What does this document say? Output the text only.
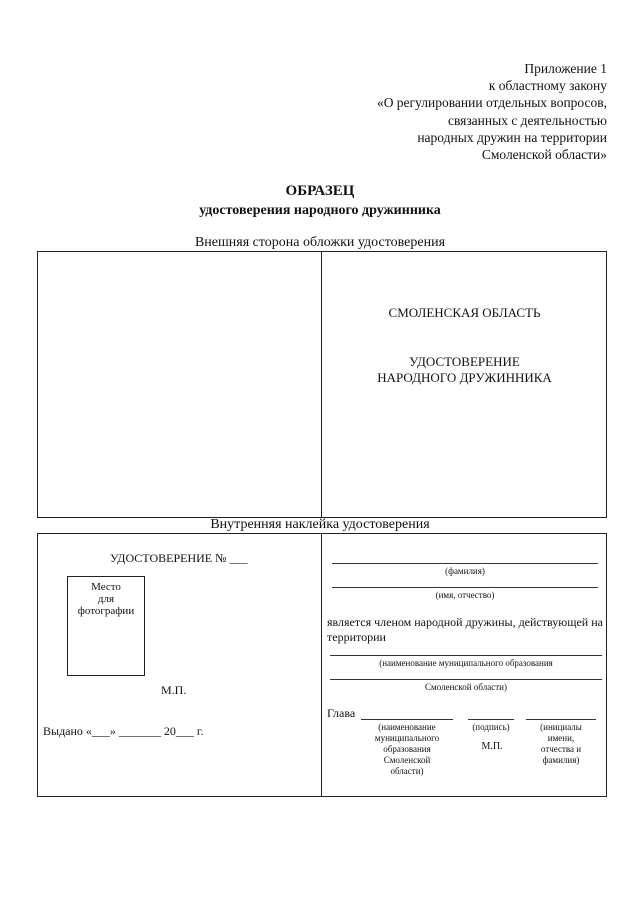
Приложение 1
к областному закону
«О регулировании отдельных вопросов,
связанных с деятельностью
народных дружин на территории
Смоленской области»
ОБРАЗЕЦ
удостоверения народного дружинника
Внешняя сторона обложки удостоверения
СМОЛЕНСКАЯ ОБЛАСТЬ
УДОСТОВЕРЕНИЕ
НАРОДНОГО ДРУЖИННИКА
Внутренняя наклейка удостоверения
УДОСТОВЕРЕНИЕ № ___
Место
для
фотографии
М.П.
Выдано «___» _______ 20___ г.
(фамилия)
(имя, отчество)
является членом народной дружины, действующей на территории
(наименование муниципального образования
Смоленской области)
Глава
(наименование
муниципального
образования
Смоленской
области)
(подпись)
М.П.
(инициалы
имени,
отчества и
фамилия)
